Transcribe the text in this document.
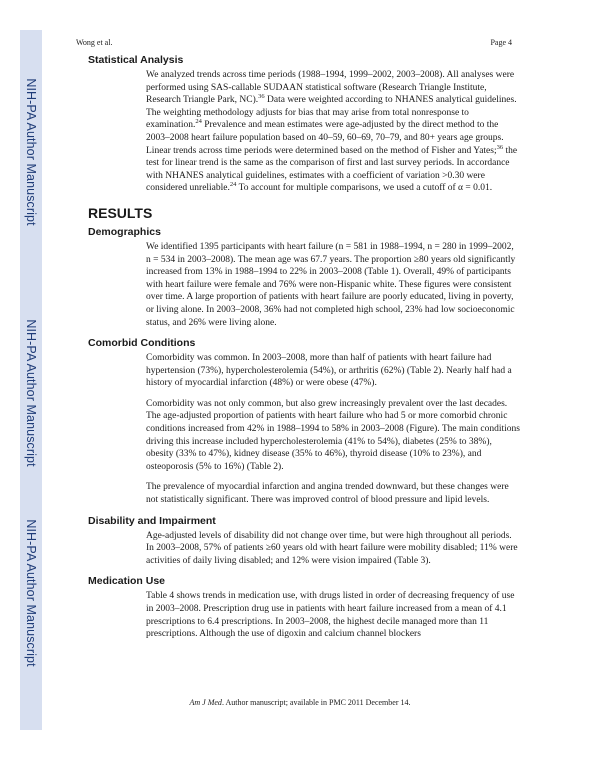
NIH-PA Author Manuscript
NIH-PA Author Manuscript
NIH-PA Author Manuscript
Wong et al.	Page 4
Statistical Analysis

We analyzed trends across time periods (1988–1994, 1999–2002, 2003–2008). All analyses were performed using SAS-callable SUDAAN statistical software (Research Triangle Institute, Research Triangle Park, NC).$^{36}$ Data were weighted according to NHANES analytical guidelines. The weighting methodology adjusts for bias that may arise from total nonresponse to examination.$^{24}$ Prevalence and mean estimates were age-adjusted by the direct method to the 2003–2008 heart failure population based on 40–59, 60–69, 70–79, and 80+ years age groups. Linear trends across time periods were determined based on the method of Fisher and Yates;$^{36}$ the test for linear trend is the same as the comparison of first and last survey periods. In accordance with NHANES analytical guidelines, estimates with a coefficient of variation >0.30 were considered unreliable.$^{24}$ To account for multiple comparisons, we used a cutoff of α = 0.01.

RESULTS
Demographics

We identified 1395 participants with heart failure (n = 581 in 1988–1994, n = 280 in 1999–2002, n = 534 in 2003–2008). The mean age was 67.7 years. The proportion ≥80 years old significantly increased from 13% in 1988–1994 to 22% in 2003–2008 (Table 1). Overall, 49% of participants with heart failure were female and 76% were non-Hispanic white. These figures were consistent over time. A large proportion of patients with heart failure are poorly educated, living in poverty, or living alone. In 2003–2008, 36% had not completed high school, 23% had low socioeconomic status, and 26% were living alone.

Comorbid Conditions

Comorbidity was common. In 2003–2008, more than half of patients with heart failure had hypertension (73%), hypercholesterolemia (54%), or arthritis (62%) (Table 2). Nearly half had a history of myocardial infarction (48%) or were obese (47%).

Comorbidity was not only common, but also grew increasingly prevalent over the last decades. The age-adjusted proportion of patients with heart failure who had 5 or more comorbid chronic conditions increased from 42% in 1988–1994 to 58% in 2003–2008 (Figure). The main conditions driving this increase included hypercholesterolemia (41% to 54%), diabetes (25% to 38%), obesity (33% to 47%), kidney disease (35% to 46%), thyroid disease (10% to 23%), and osteoporosis (5% to 16%) (Table 2).

The prevalence of myocardial infarction and angina trended downward, but these changes were not statistically significant. There was improved control of blood pressure and lipid levels.

Disability and Impairment

Age-adjusted levels of disability did not change over time, but were high throughout all periods. In 2003–2008, 57% of patients ≥60 years old with heart failure were mobility disabled; 11% were activities of daily living disabled; and 12% were vision impaired (Table 3).

Medication Use

Table 4 shows trends in medication use, with drugs listed in order of decreasing frequency of use in 2003–2008. Prescription drug use in patients with heart failure increased from a mean of 4.1 prescriptions to 6.4 prescriptions. In 2003–2008, the highest decile managed more than 11 prescriptions. Although the use of digoxin and calcium channel blockers

Am J Med. Author manuscript; available in PMC 2011 December 14.
